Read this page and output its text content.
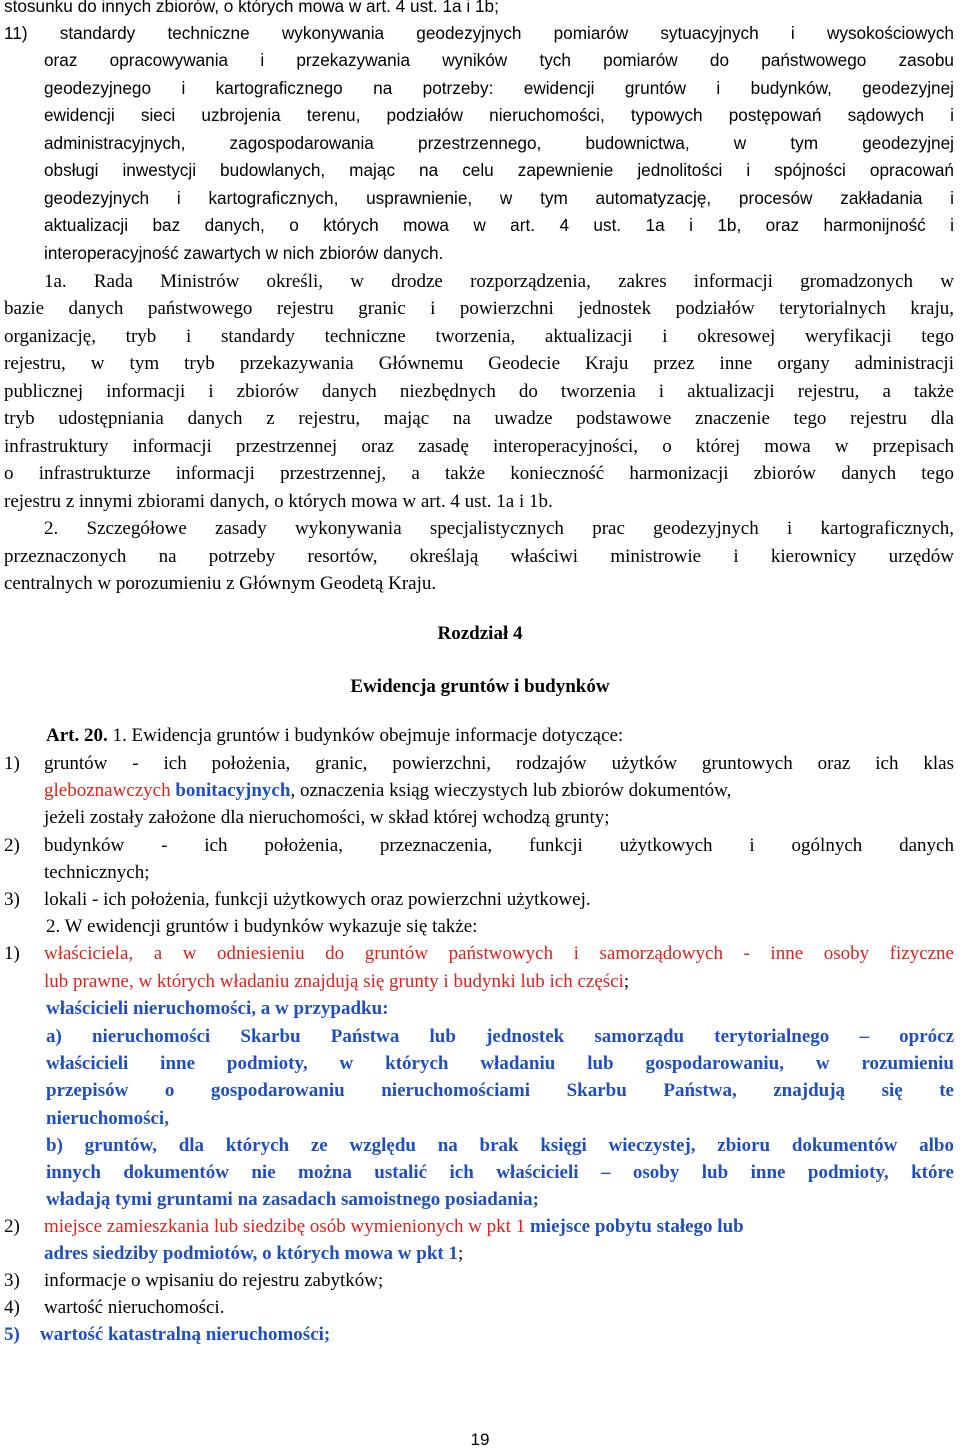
stosunku do innych zbiorów, o których mowa w art. 4 ust. 1a i 1b;
11) standardy techniczne wykonywania geodezyjnych pomiarów sytuacyjnych i wysokościowych
oraz opracowywania i przekazywania wyników tych pomiarów do państwowego zasobu
geodezyjnego i kartograficznego na potrzeby: ewidencji gruntów i budynków, geodezyjnej
ewidencji sieci uzbrojenia terenu, podziałów nieruchomości, typowych postępowań sądowych i
administracyjnych, zagospodarowania przestrzennego, budownictwa, w tym geodezyjnej
obsługi inwestycji budowlanych, mając na celu zapewnienie jednolitości i spójności opracowań
geodezyjnych i kartograficznych, usprawnienie, w tym automatyzację, procesów zakładania i
aktualizacji baz danych, o których mowa w art. 4 ust. 1a i 1b, oraz harmonijność i
interoperacyjność zawartych w nich zbiorów danych.
1a. Rada Ministrów określi, w drodze rozporządzenia, zakres informacji gromadzonych w
bazie danych państwowego rejestru granic i powierzchni jednostek podziałów terytorialnych kraju,
organizację, tryb i standardy techniczne tworzenia, aktualizacji i okresowej weryfikacji tego
rejestru, w tym tryb przekazywania Głównemu Geodecie Kraju przez inne organy administracji
publicznej informacji i zbiorów danych niezbędnych do tworzenia i aktualizacji rejestru, a także
tryb udostępniania danych z rejestru, mając na uwadze podstawowe znaczenie tego rejestru dla
infrastruktury informacji przestrzennej oraz zasadę interoperacyjności, o której mowa w przepisach
o infrastrukturze informacji przestrzennej, a także konieczność harmonizacji zbiorów danych tego
rejestru z innymi zbiorami danych, o których mowa w art. 4 ust. 1a i 1b.
2. Szczegółowe zasady wykonywania specjalistycznych prac geodezyjnych i kartograficznych,
przeznaczonych na potrzeby resortów, określają właściwi ministrowie i kierownicy urzędów
centralnych w porozumieniu z Głównym Geodetą Kraju.
Rozdział 4
Ewidencja gruntów i budynków
Art. 20. 1. Ewidencja gruntów i budynków obejmuje informacje dotyczące:
1) gruntów - ich położenia, granic, powierzchni, rodzajów użytków gruntowych oraz ich klas
gleboznawczych bonitacyjnych, oznaczenia ksiąg wieczystych lub zbiorów dokumentów,
jeżeli zostały założone dla nieruchomości, w skład której wchodzą grunty;
2) budynków - ich położenia, przeznaczenia, funkcji użytkowych i ogólnych danych
technicznych;
3) lokali - ich położenia, funkcji użytkowych oraz powierzchni użytkowej.
2. W ewidencji gruntów i budynków wykazuje się także:
1) właściciela, a w odniesieniu do gruntów państwowych i samorządowych - inne osoby fizyczne
lub prawne, w których władaniu znajdują się grunty i budynki lub ich części;
właścicieli nieruchomości, a w przypadku:
a) nieruchomości Skarbu Państwa lub jednostek samorządu terytorialnego – oprócz
właścicieli inne podmioty, w których władaniu lub gospodarowaniu, w rozumieniu
przepisów o gospodarowaniu nieruchomościami Skarbu Państwa, znajdują się te
nieruchomości,
b) gruntów, dla których ze względu na brak księgi wieczystej, zbioru dokumentów albo
innych dokumentów nie można ustalić ich właścicieli – osoby lub inne podmioty, które
władają tymi gruntami na zasadach samoistnego posiadania;
2) miejsce zamieszkania lub siedzibę osób wymienionych w pkt 1 miejsce pobytu stałego lub
adres siedziby podmiotów, o których mowa w pkt 1;
3) informacje o wpisaniu do rejestru zabytków;
4) wartość nieruchomości.
5) wartość katastralną nieruchomości;
19
